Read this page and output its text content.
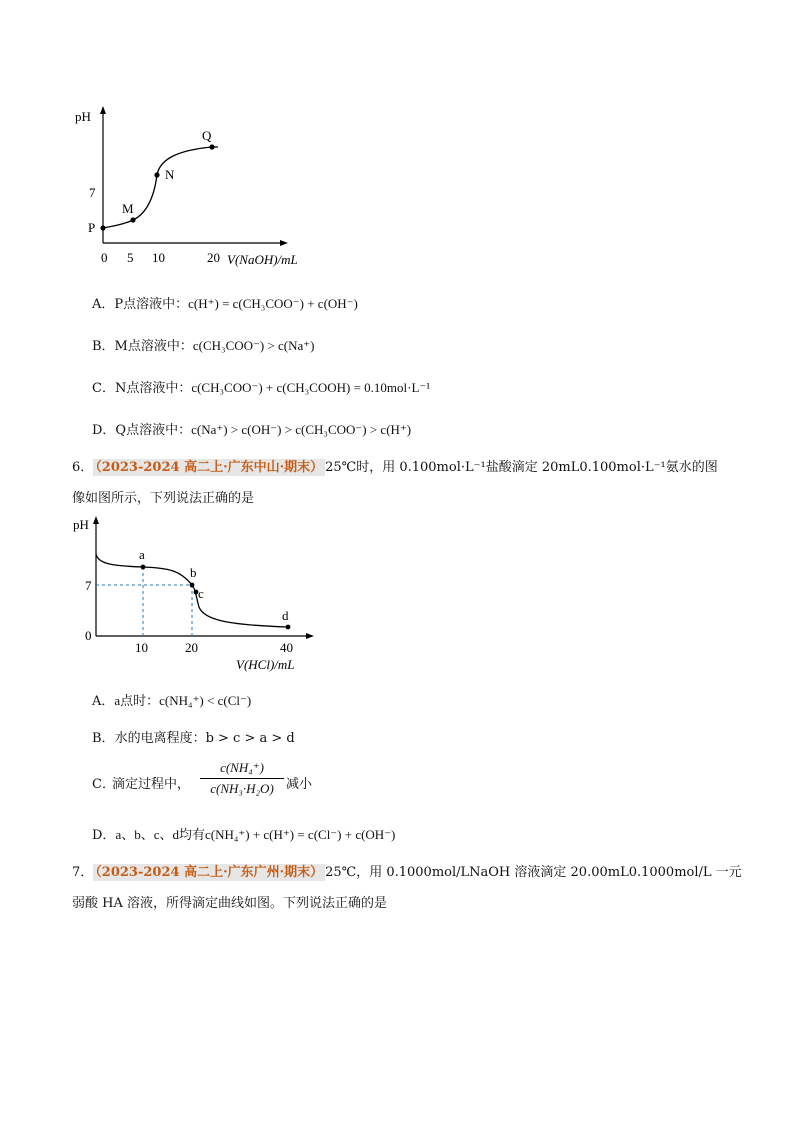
pH
7
P
M
N
Q
0 5 10	20 V(NaOH)/mL
A．P点溶液中：c(H⁺) = c(CH₃COO⁻) + c(OH⁻)
B．M点溶液中：c(CH₃COO⁻) > c(Na⁺)
C．N点溶液中：c(CH₃COO⁻) + c(CH₃COOH) = 0.10mol·L⁻¹
D．Q点溶液中：c(Na⁺) > c(OH⁻) > c(CH₃COO⁻) > c(H⁺)
6． （2023-2024 高二上·广东中山·期末） 25℃时，用 0.100mol·L⁻¹盐酸滴定 20mL0.100mol·L⁻¹氨水的图
像如图所示，下列说法正确的是
pH
7
0
a
b
c
d
10	20	40
V(HCl)/mL
A．a点时：c(NH₄⁺) < c(Cl⁻)
B．水的电离程度：b > c > a > d
C．
滴定过程中，
c(NH₄⁺)
c(NH₃·H₂O) 减小
D．a、b、c、d均有c(NH₄⁺) + c(H⁺) = c(Cl⁻) + c(OH⁻)
7． （2023-2024 高二上·广东广州·期末） 25℃，用 0.1000mol/LNaOH 溶液滴定 20.00mL0.1000mol/L 一元
弱酸 HA 溶液，所得滴定曲线如图。下列说法正确的是
